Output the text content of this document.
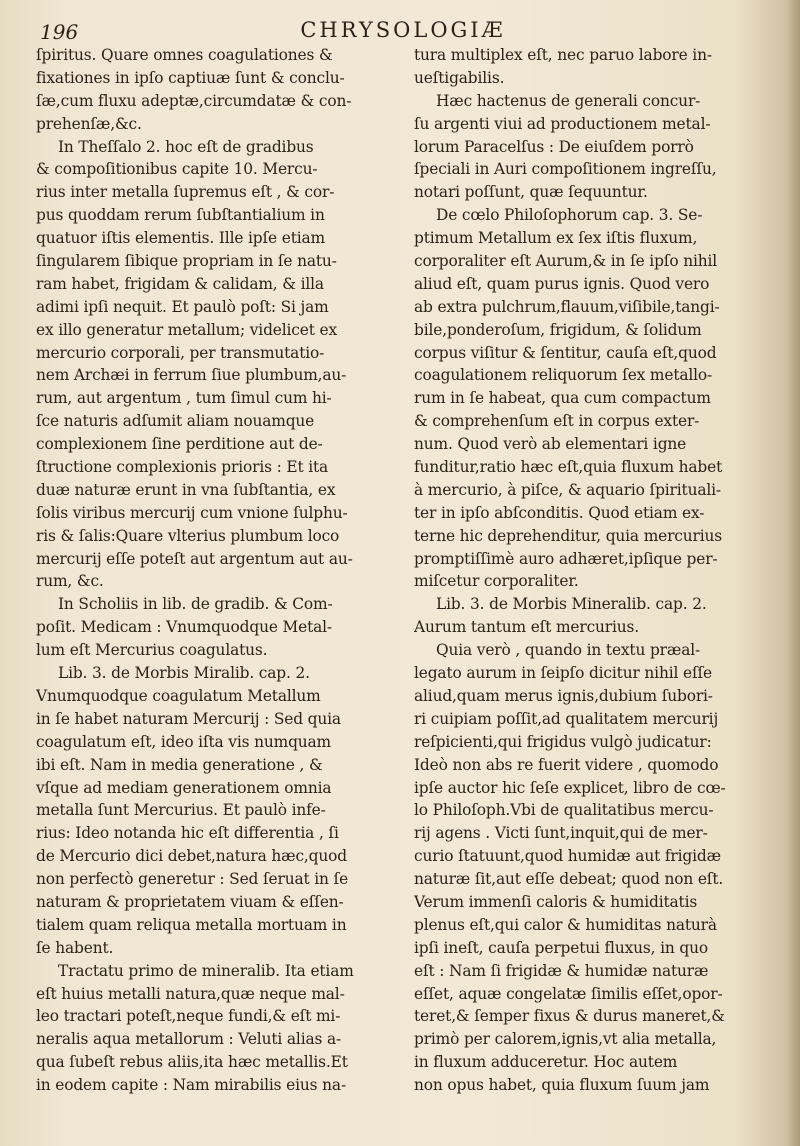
196	CHRYSOLOGIÆ
ſpiritus. Quare omnes coagulationes &
fixationes in ipſo captiuæ ſunt & conclu-
ſæ,cum fluxu adeptæ,circumdatæ & con-
prehenſæ,&c.
In Theſſalo 2. hoc eſt de gradibus
& compoſitionibus capite 10. Mercu-
rius inter metalla ſupremus eſt , & cor-
pus quoddam rerum ſubſtantialium in
quatuor iſtis elementis. Ille ipſe etiam
ſingularem ſibique propriam in ſe natu-
ram habet, frigidam & calidam, & illa
adimi ipſi nequit. Et paulò poſt: Si jam
ex illo generatur metallum; videlicet ex
mercurio corporali, per transmutatio-
nem Archæi in ferrum ſiue plumbum,au-
rum, aut argentum , tum ſimul cum hi-
ſce naturis adſumit aliam nouamque
complexionem ſine perditione aut de-
ſtructione complexionis prioris : Et ita
duæ naturæ erunt in vna ſubſtantia, ex
ſolis viribus mercurij cum vnione ſulphu-
ris & ſalis:Quare vlterius plumbum loco
mercurij eſſe poteſt aut argentum aut au-
rum, &c.
In Scholiis in lib. de gradib. & Com-
poſit. Medicam : Vnumquodque Metal-
lum eſt Mercurius coagulatus.
Lib. 3. de Morbis Miralib. cap. 2.
Vnumquodque coagulatum Metallum
in ſe habet naturam Mercurij : Sed quia
coagulatum eſt, ideo iſta vis numquam
ibi eſt. Nam in media generatione , &
vſque ad mediam generationem omnia
metalla ſunt Mercurius. Et paulò infe-
rius: Ideo notanda hic eſt differentia , ſi
de Mercurio dici debet,natura hæc,quod
non perfectò generetur : Sed ſeruat in ſe
naturam & proprietatem viuam & eſſen-
tialem quam reliqua metalla mortuam in
ſe habent.
Tractatu primo de mineralib. Ita etiam
eſt huius metalli natura,quæ neque mal-
leo tractari poteſt,neque fundi,& eſt mi-
neralis aqua metallorum : Veluti alias a-
qua ſubeſt rebus aliis,ita hæc metallis.Et
in eodem capite : Nam mirabilis eius na-
tura multiplex eſt, nec paruo labore in-
ueſtigabilis.
Hæc hactenus de generali concur-
ſu argenti viui ad productionem metal-
lorum Paracelſus : De eiuſdem porrò
ſpeciali in Auri compoſitionem ingreſſu,
notari poſſunt, quæ ſequuntur.
De cœlo Philoſophorum cap. 3. Se-
ptimum Metallum ex ſex iſtis fluxum,
corporaliter eſt Aurum,& in ſe ipſo nihil
aliud eſt, quam purus ignis. Quod vero
ab extra pulchrum,flauum,viſibile,tangi-
bile,ponderoſum, frigidum, & ſolidum
corpus viſitur & ſentitur, cauſa eſt,quod
coagulationem reliquorum ſex metallo-
rum in ſe habeat, qua cum compactum
& comprehenſum eſt in corpus exter-
num. Quod verò ab elementari igne
funditur,ratio hæc eſt,quia fluxum habet
à mercurio, à piſce, & aquario ſpirituali-
ter in ipſo abſconditis. Quod etiam ex-
terne hic deprehenditur, quia mercurius
promptiſſimè auro adhæret,ipſique per-
miſcetur corporaliter.
Lib. 3. de Morbis Mineralib. cap. 2.
Aurum tantum eſt mercurius.
Quia verò , quando in textu præal-
legato aurum in ſeipſo dicitur nihil eſſe
aliud,quam merus ignis,dubium ſubori-
ri cuipiam poſſit,ad qualitatem mercurij
reſpicienti,qui frigidus vulgò judicatur:
Ideò non abs re fuerit videre , quomodo
ipſe auctor hic ſeſe explicet, libro de cœ-
lo Philoſoph.Vbi de qualitatibus mercu-
rij agens . Victi ſunt,inquit,qui de mer-
curio ſtatuunt,quod humidæ aut frigidæ
naturæ ſit,aut eſſe debeat; quod non eſt.
Verum immenſi caloris & humiditatis
plenus eſt,qui calor & humiditas naturà
ipſi ineſt, cauſa perpetui fluxus, in quo
eſt : Nam ſi frigidæ & humidæ naturæ
eſſet, aquæ congelatæ ſimilis eſſet,opor-
teret,& ſemper fixus & durus maneret,&
primò per calorem,ignis,vt alia metalla,
in fluxum adduceretur. Hoc autem
non opus habet, quia fluxum ſuum jam
